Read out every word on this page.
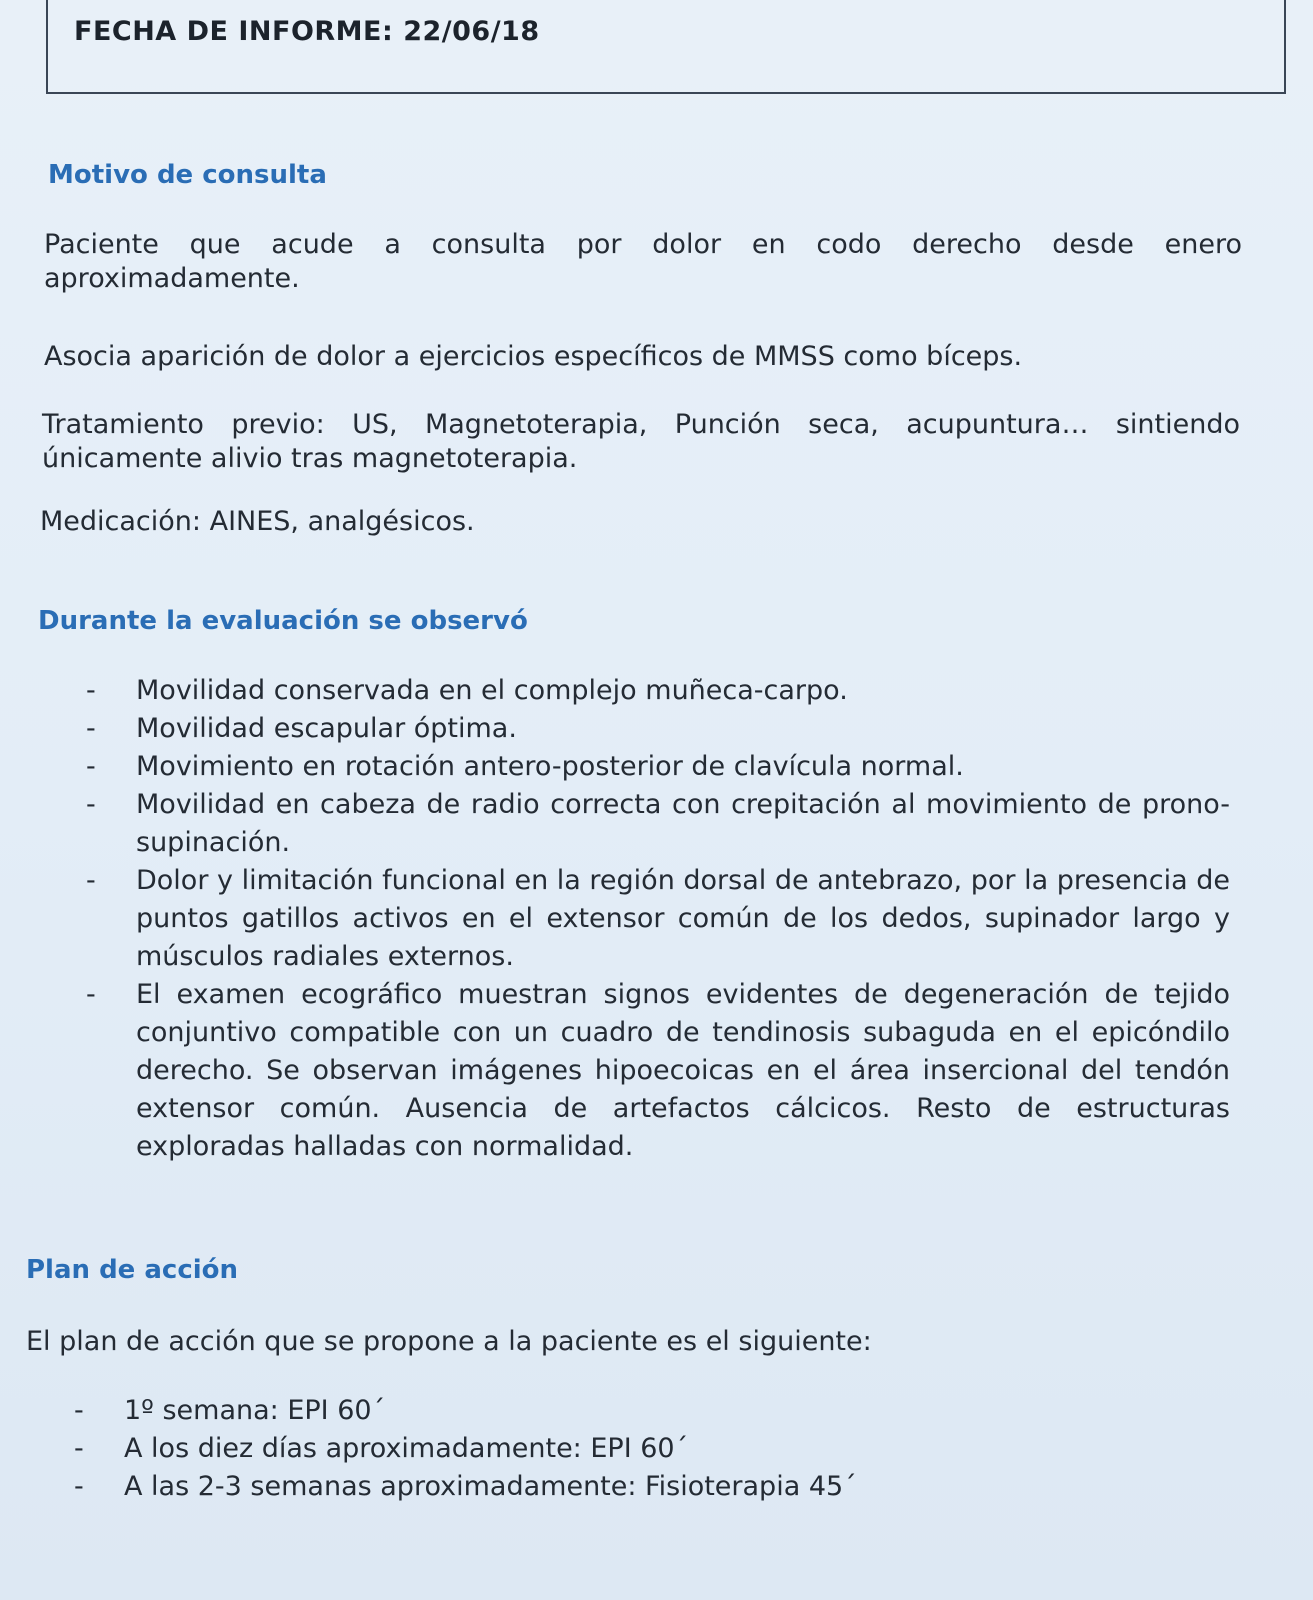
FECHA DE INFORME: 22/06/18
Motivo de consulta
Paciente que acude a consulta por dolor en codo derecho desde enero aproximadamente.
Asocia aparición de dolor a ejercicios específicos de MMSS como bíceps.
Tratamiento previo: US, Magnetoterapia, Punción seca, acupuntura… sintiendo únicamente alivio tras magnetoterapia.
Medicación: AINES, analgésicos.
Durante la evaluación se observó
- Movilidad conservada en el complejo muñeca-carpo.
- Movilidad escapular óptima.
- Movimiento en rotación antero-posterior de clavícula normal.
- Movilidad en cabeza de radio correcta con crepitación al movimiento de prono-supinación.
- Dolor y limitación funcional en la región dorsal de antebrazo, por la presencia de puntos gatillos activos en el extensor común de los dedos, supinador largo y músculos radiales externos.
- El examen ecográfico muestran signos evidentes de degeneración de tejido conjuntivo compatible con un cuadro de tendinosis subaguda en el epicóndilo derecho. Se observan imágenes hipoecoicas en el área insercional del tendón extensor común. Ausencia de artefactos cálcicos. Resto de estructuras exploradas halladas con normalidad.
Plan de acción
El plan de acción que se propone a la paciente es el siguiente:
- 1º semana: EPI 60´
- A los diez días aproximadamente: EPI 60´
- A las 2-3 semanas aproximadamente: Fisioterapia 45´
